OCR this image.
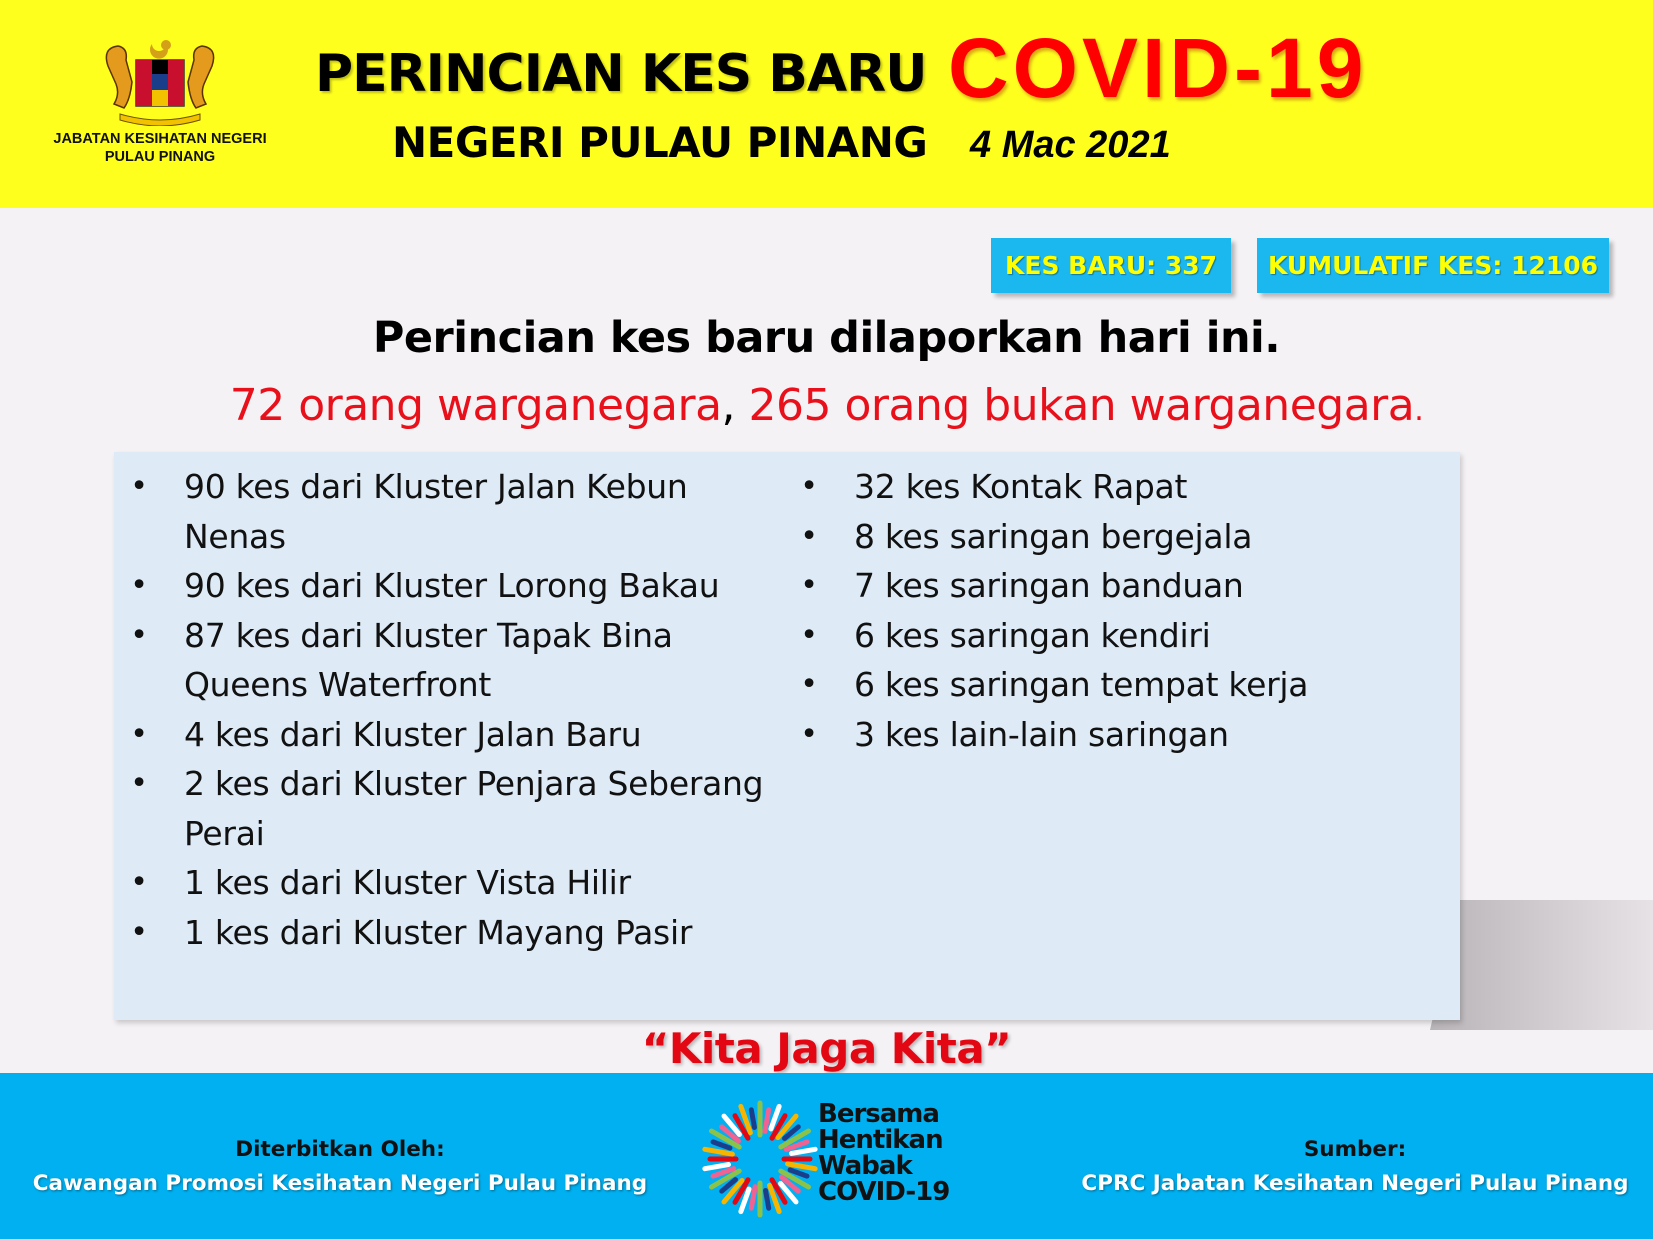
JABATAN KESIHATAN NEGERI
PULAU PINANG
PERINCIAN KES BARU COVID-19
NEGERI PULAU PINANG 4 Mac 2021
KES BARU: 337	KUMULATIF KES: 12106
Perincian kes baru dilaporkan hari ini.
72 orang warganegara, 265 orang bukan warganegara.
• 90 kes dari Kluster Jalan Kebun Nenas
• 90 kes dari Kluster Lorong Bakau
• 87 kes dari Kluster Tapak Bina Queens Waterfront
• 4 kes dari Kluster Jalan Baru
• 2 kes dari Kluster Penjara Seberang Perai
• 1 kes dari Kluster Vista Hilir
• 1 kes dari Kluster Mayang Pasir
• 32 kes Kontak Rapat
• 8 kes saringan bergejala
• 7 kes saringan banduan
• 6 kes saringan kendiri
• 6 kes saringan tempat kerja
• 3 kes lain-lain saringan
“Kita Jaga Kita”
Diterbitkan Oleh:
Cawangan Promosi Kesihatan Negeri Pulau Pinang
Bersama
Hentikan
Wabak
COVID-19
Sumber:
CPRC Jabatan Kesihatan Negeri Pulau Pinang
